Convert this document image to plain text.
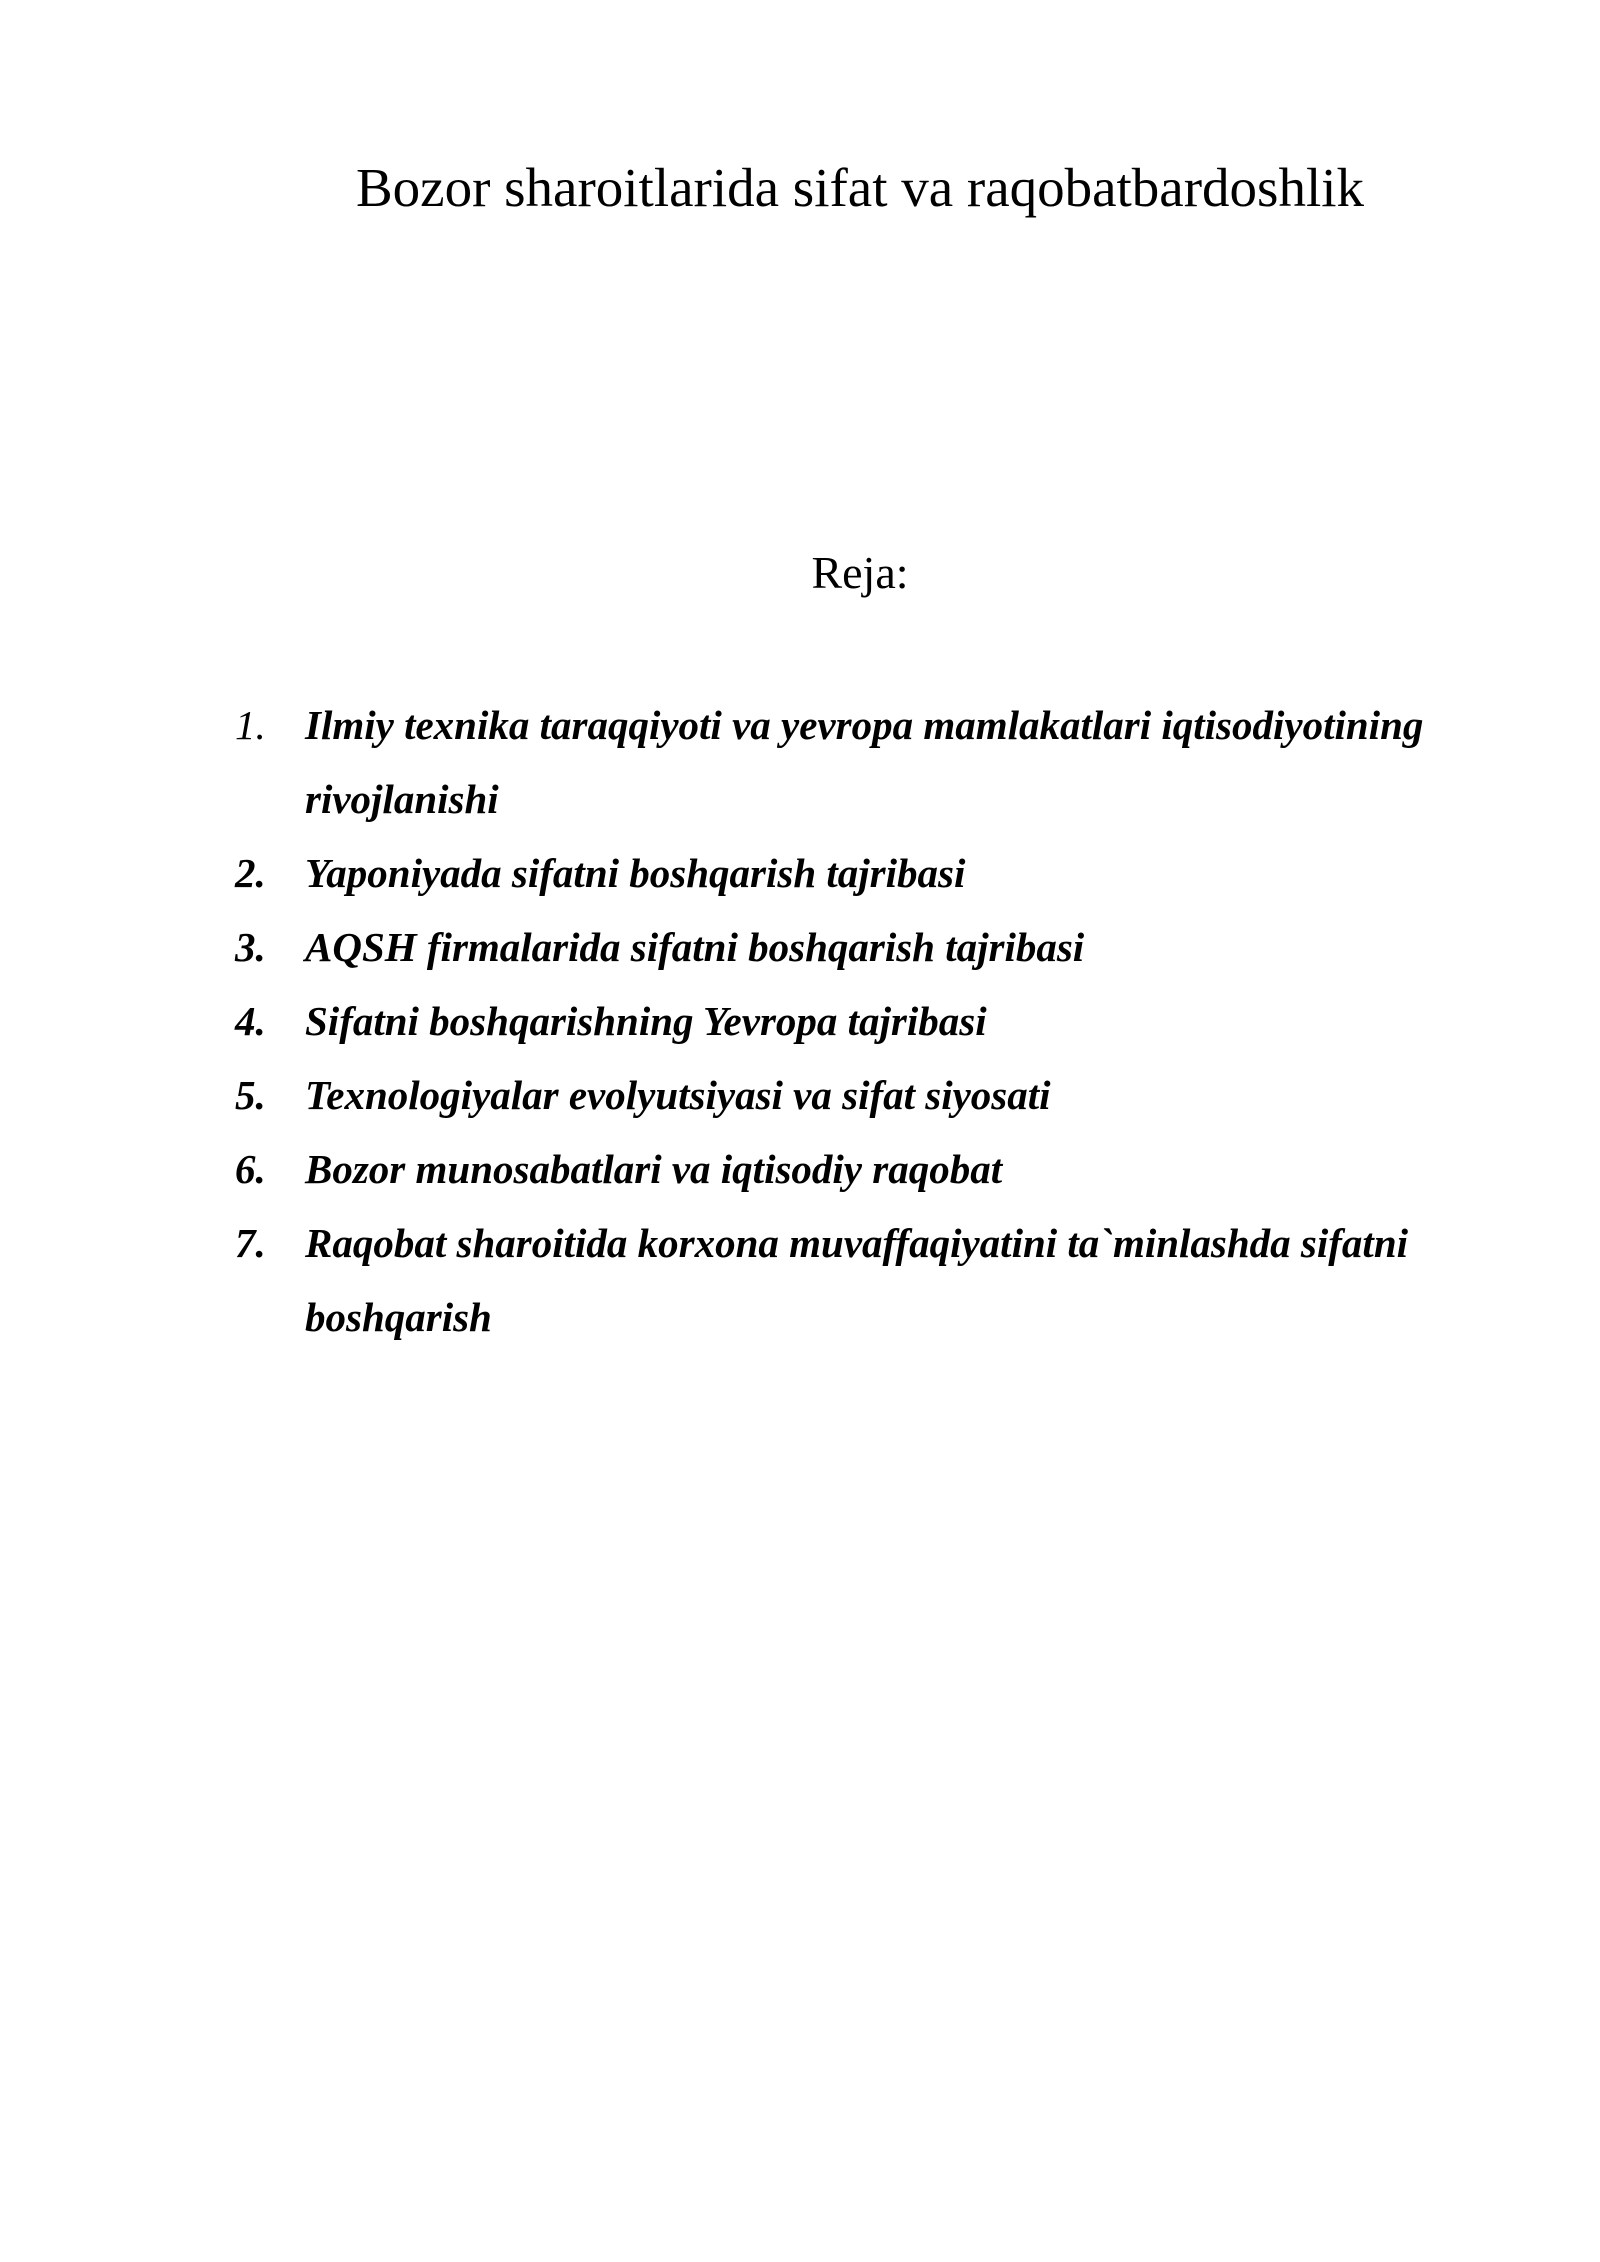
Bozor sharoitlarida sifat va raqobatbardoshlik

Reja:

1. Ilmiy texnika taraqqiyoti va yevropa mamlakatlari iqtisodiyotining rivojlanishi
2. Yaponiyada sifatni boshqarish tajribasi
3. AQSH firmalarida sifatni boshqarish tajribasi
4. Sifatni boshqarishning Yevropa tajribasi
5. Texnologiyalar evolyutsiyasi va sifat siyosati
6. Bozor munosabatlari va iqtisodiy raqobat
7. Raqobat sharoitida korxona muvaffaqiyatini ta`minlashda sifatni boshqarish
